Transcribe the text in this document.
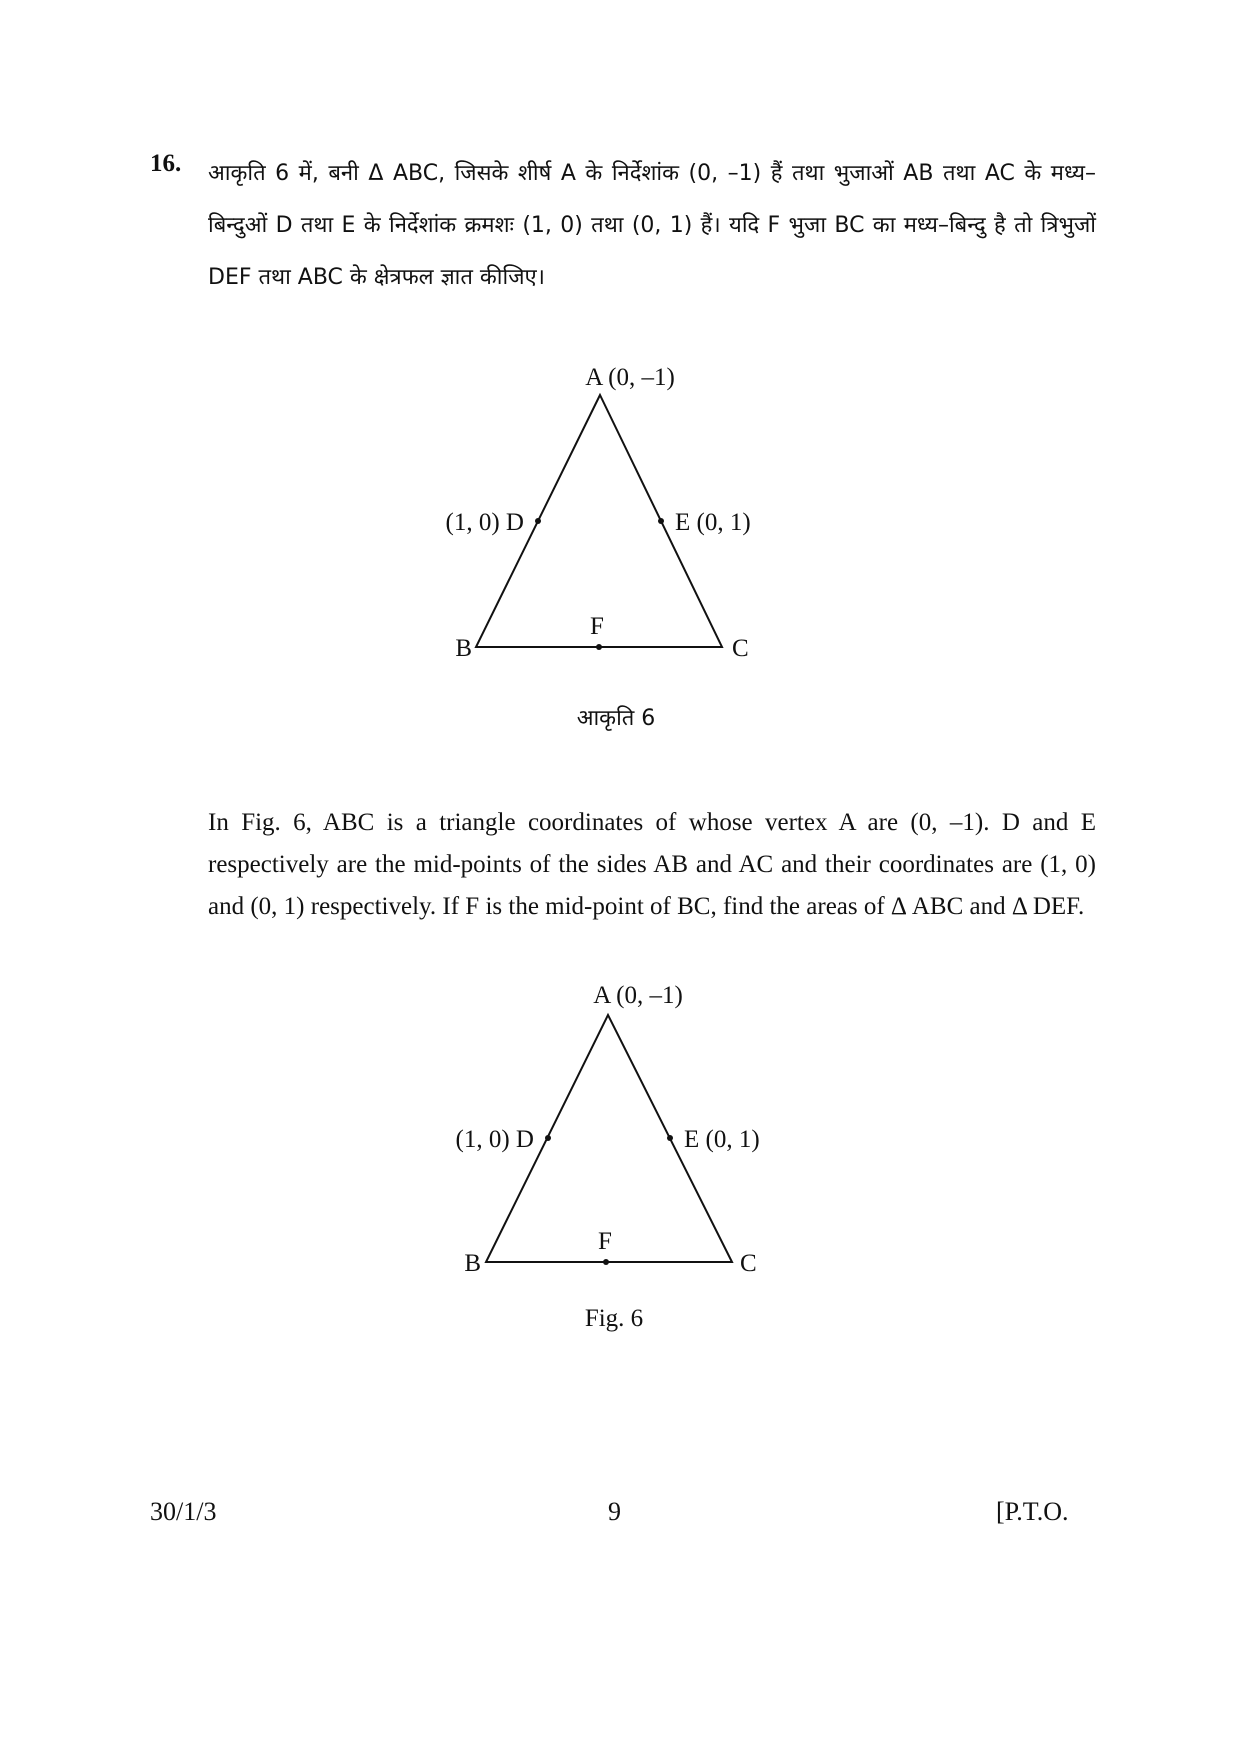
16. आकृति 6 में, बनी Δ ABC, जिसके शीर्ष A के निर्देशांक (0, –1) हैं तथा भुजाओं AB तथा AC के मध्य–बिन्दुओं D तथा E के निर्देशांक क्रमशः (1, 0) तथा (0, 1) हैं। यदि F भुजा BC का मध्य–बिन्दु है तो त्रिभुजों DEF तथा ABC के क्षेत्रफल ज्ञात कीजिए।
A (0, –1)
(1, 0) D	E (0, 1)
B	C
F
आकृति 6
In Fig. 6, ABC is a triangle coordinates of whose vertex A are (0, –1). D and E respectively are the mid-points of the sides AB and AC and their coordinates are (1, 0) and (0, 1) respectively. If F is the mid-point of BC, find the areas of Δ ABC and Δ DEF.
A (0, –1)
(1, 0) D	E (0, 1)
B	C
F
Fig. 6
30/1/3	9	[P.T.O.
